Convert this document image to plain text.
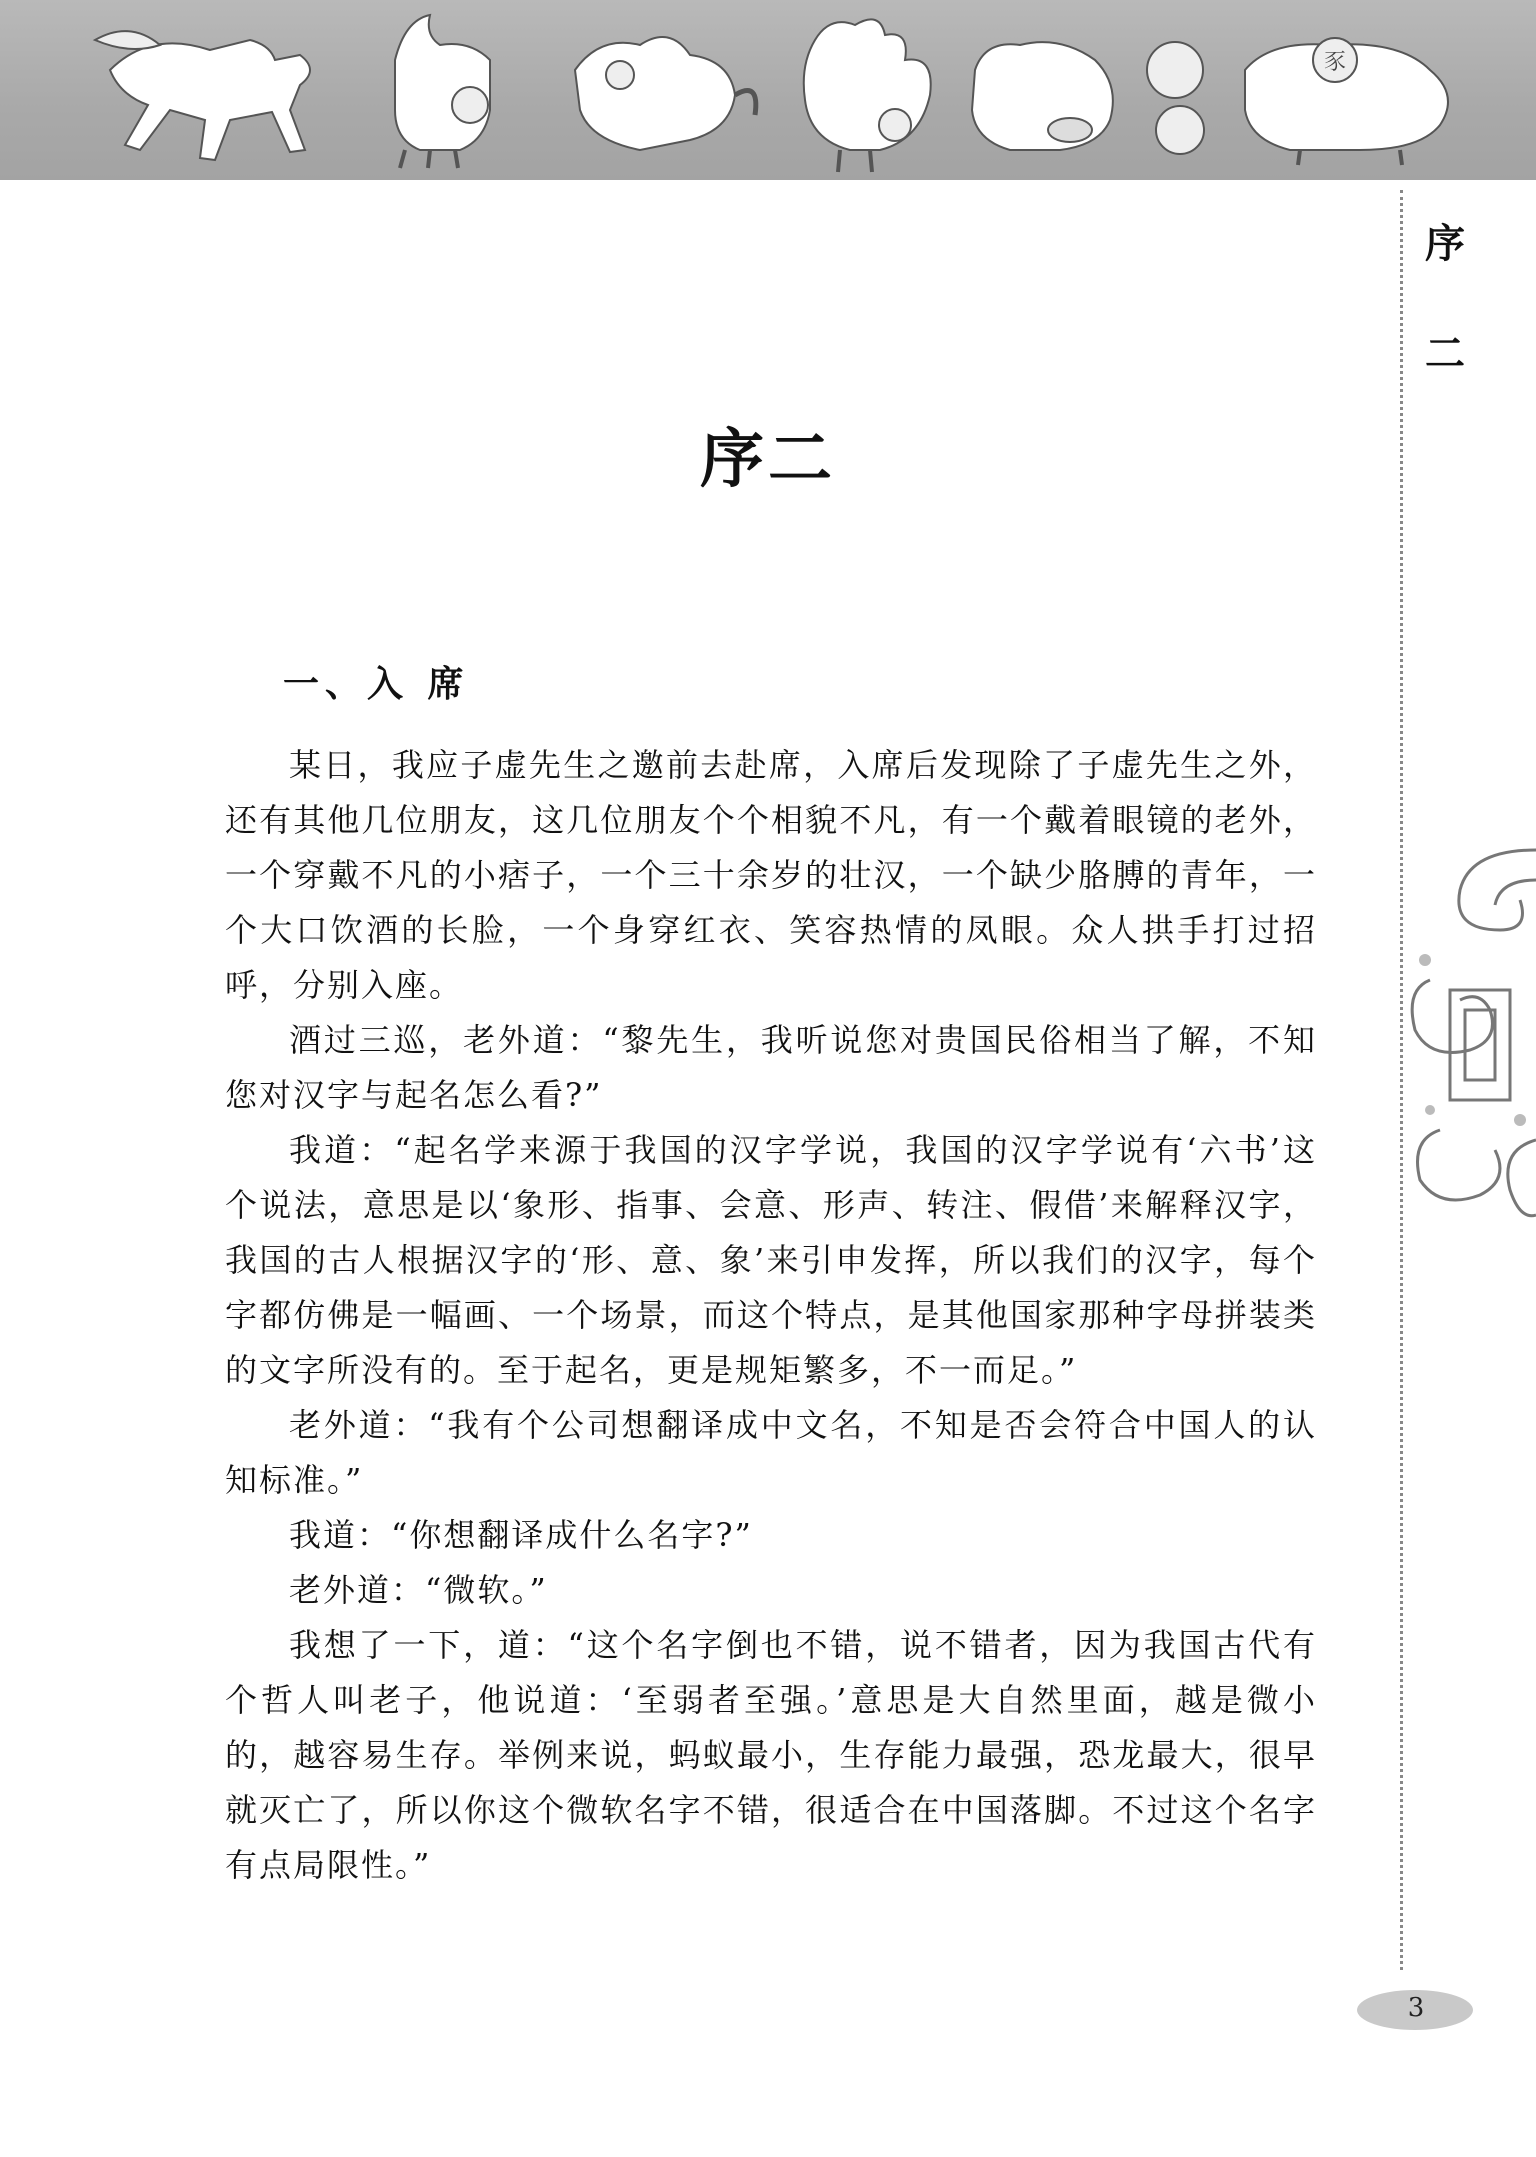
豕
序
二
序二
一、入 席

某日，我应子虚先生之邀前去赴席，入席后发现除了子虚先生之外，还有其他几位朋友，这几位朋友个个相貌不凡，有一个戴着眼镜的老外，一个穿戴不凡的小痞子，一个三十余岁的壮汉，一个缺少胳膊的青年，一个大口饮酒的长脸，一个身穿红衣、笑容热情的凤眼。众人拱手打过招呼，分别入座。

酒过三巡，老外道：“黎先生，我听说您对贵国民俗相当了解，不知您对汉字与起名怎么看?”

我道：“起名学来源于我国的汉字学说，我国的汉字学说有‘六书’这个说法，意思是以‘象形、指事、会意、形声、转注、假借’来解释汉字，我国的古人根据汉字的‘形、意、象’来引申发挥，所以我们的汉字，每个字都仿佛是一幅画、一个场景，而这个特点，是其他国家那种字母拼装类的文字所没有的。至于起名，更是规矩繁多，不一而足。”

老外道：“我有个公司想翻译成中文名，不知是否会符合中国人的认知标准。”

我道：“你想翻译成什么名字?”

老外道：“微软。”

我想了一下，道：“这个名字倒也不错，说不错者，因为我国古代有个哲人叫老子，他说道：‘至弱者至强。’意思是大自然里面，越是微小的，越容易生存。举例来说，蚂蚁最小，生存能力最强，恐龙最大，很早就灭亡了，所以你这个微软名字不错，很适合在中国落脚。不过这个名字有点局限性。”

3
